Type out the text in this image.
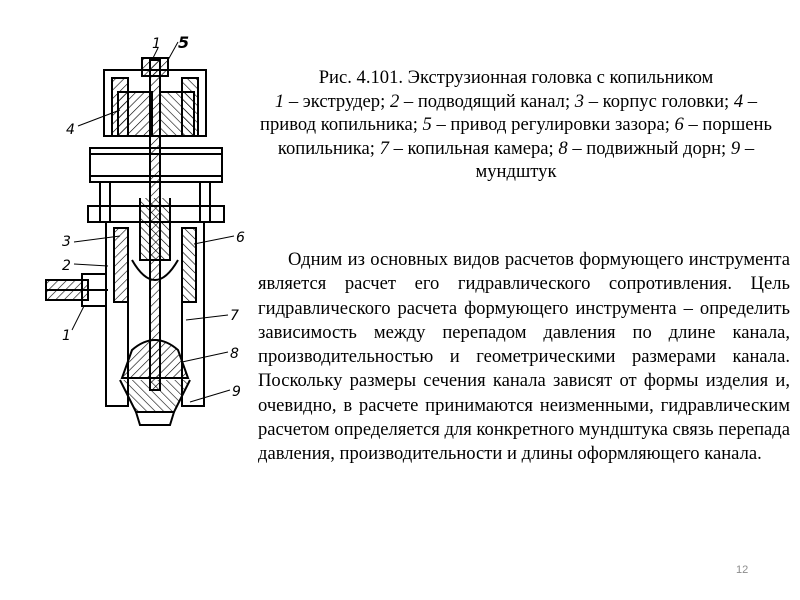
1 5
4
3
2
1
6
7
8
9
Рис. 4.101. Экструзионная головка с копильником
1 – экструдер; 2 – подводящий канал; 3 – корпус головки; 4 – привод копильника; 5 – привод регулировки зазора; 6 – поршень копильника; 7 – копильная камера; 8 – подвижный дорн; 9 – мундштук

Одним из основных видов расчетов формующего инструмента является расчет его гидравлического сопротивления. Цель гидравлического расчета формующего инструмента – определить зависимость между перепадом давления по длине канала, производительностью и геометрическими размерами канала. Поскольку размеры сечения канала зависят от формы изделия и, очевидно, в расчете принимаются неизменными, гидравлическим расчетом определяется для конкретного мундштука связь перепада давления, производительности и длины оформляющего канала.

12
